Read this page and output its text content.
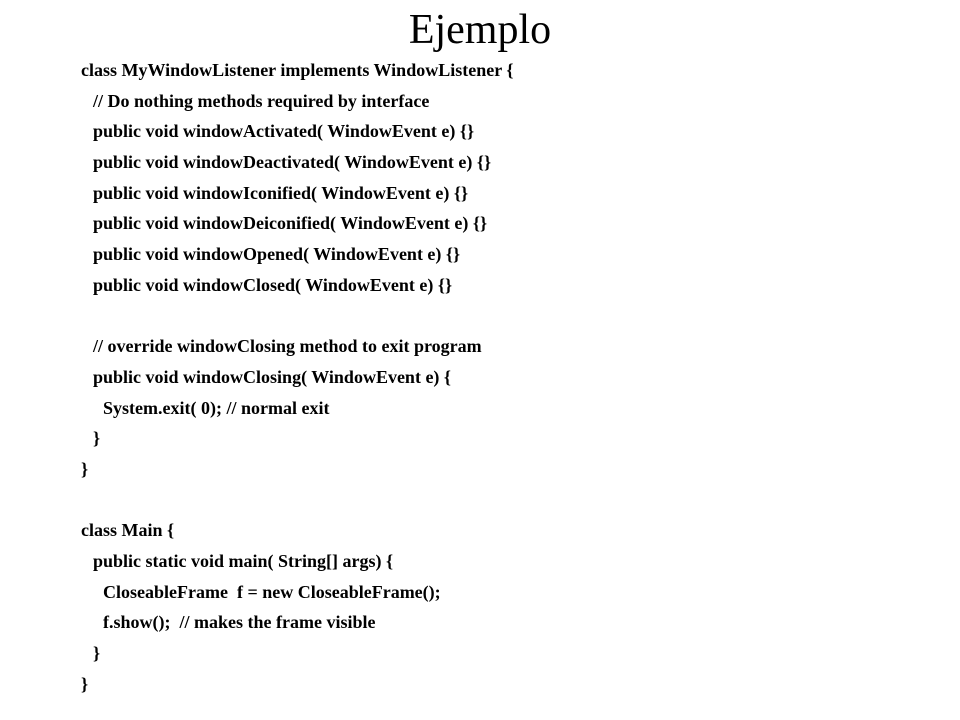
Ejemplo
class MyWindowListener implements WindowListener {
// Do nothing methods required by interface
public void windowActivated( WindowEvent e) {}
public void windowDeactivated( WindowEvent e) {}
public void windowIconified( WindowEvent e) {}
public void windowDeiconified( WindowEvent e) {}
public void windowOpened( WindowEvent e) {}
public void windowClosed( WindowEvent e) {}
// override windowClosing method to exit program
public void windowClosing( WindowEvent e) {
System.exit( 0); // normal exit
}
}
class Main {
public static void main( String[] args) {
CloseableFrame  f = new CloseableFrame();
f.show();  // makes the frame visible
}
}
